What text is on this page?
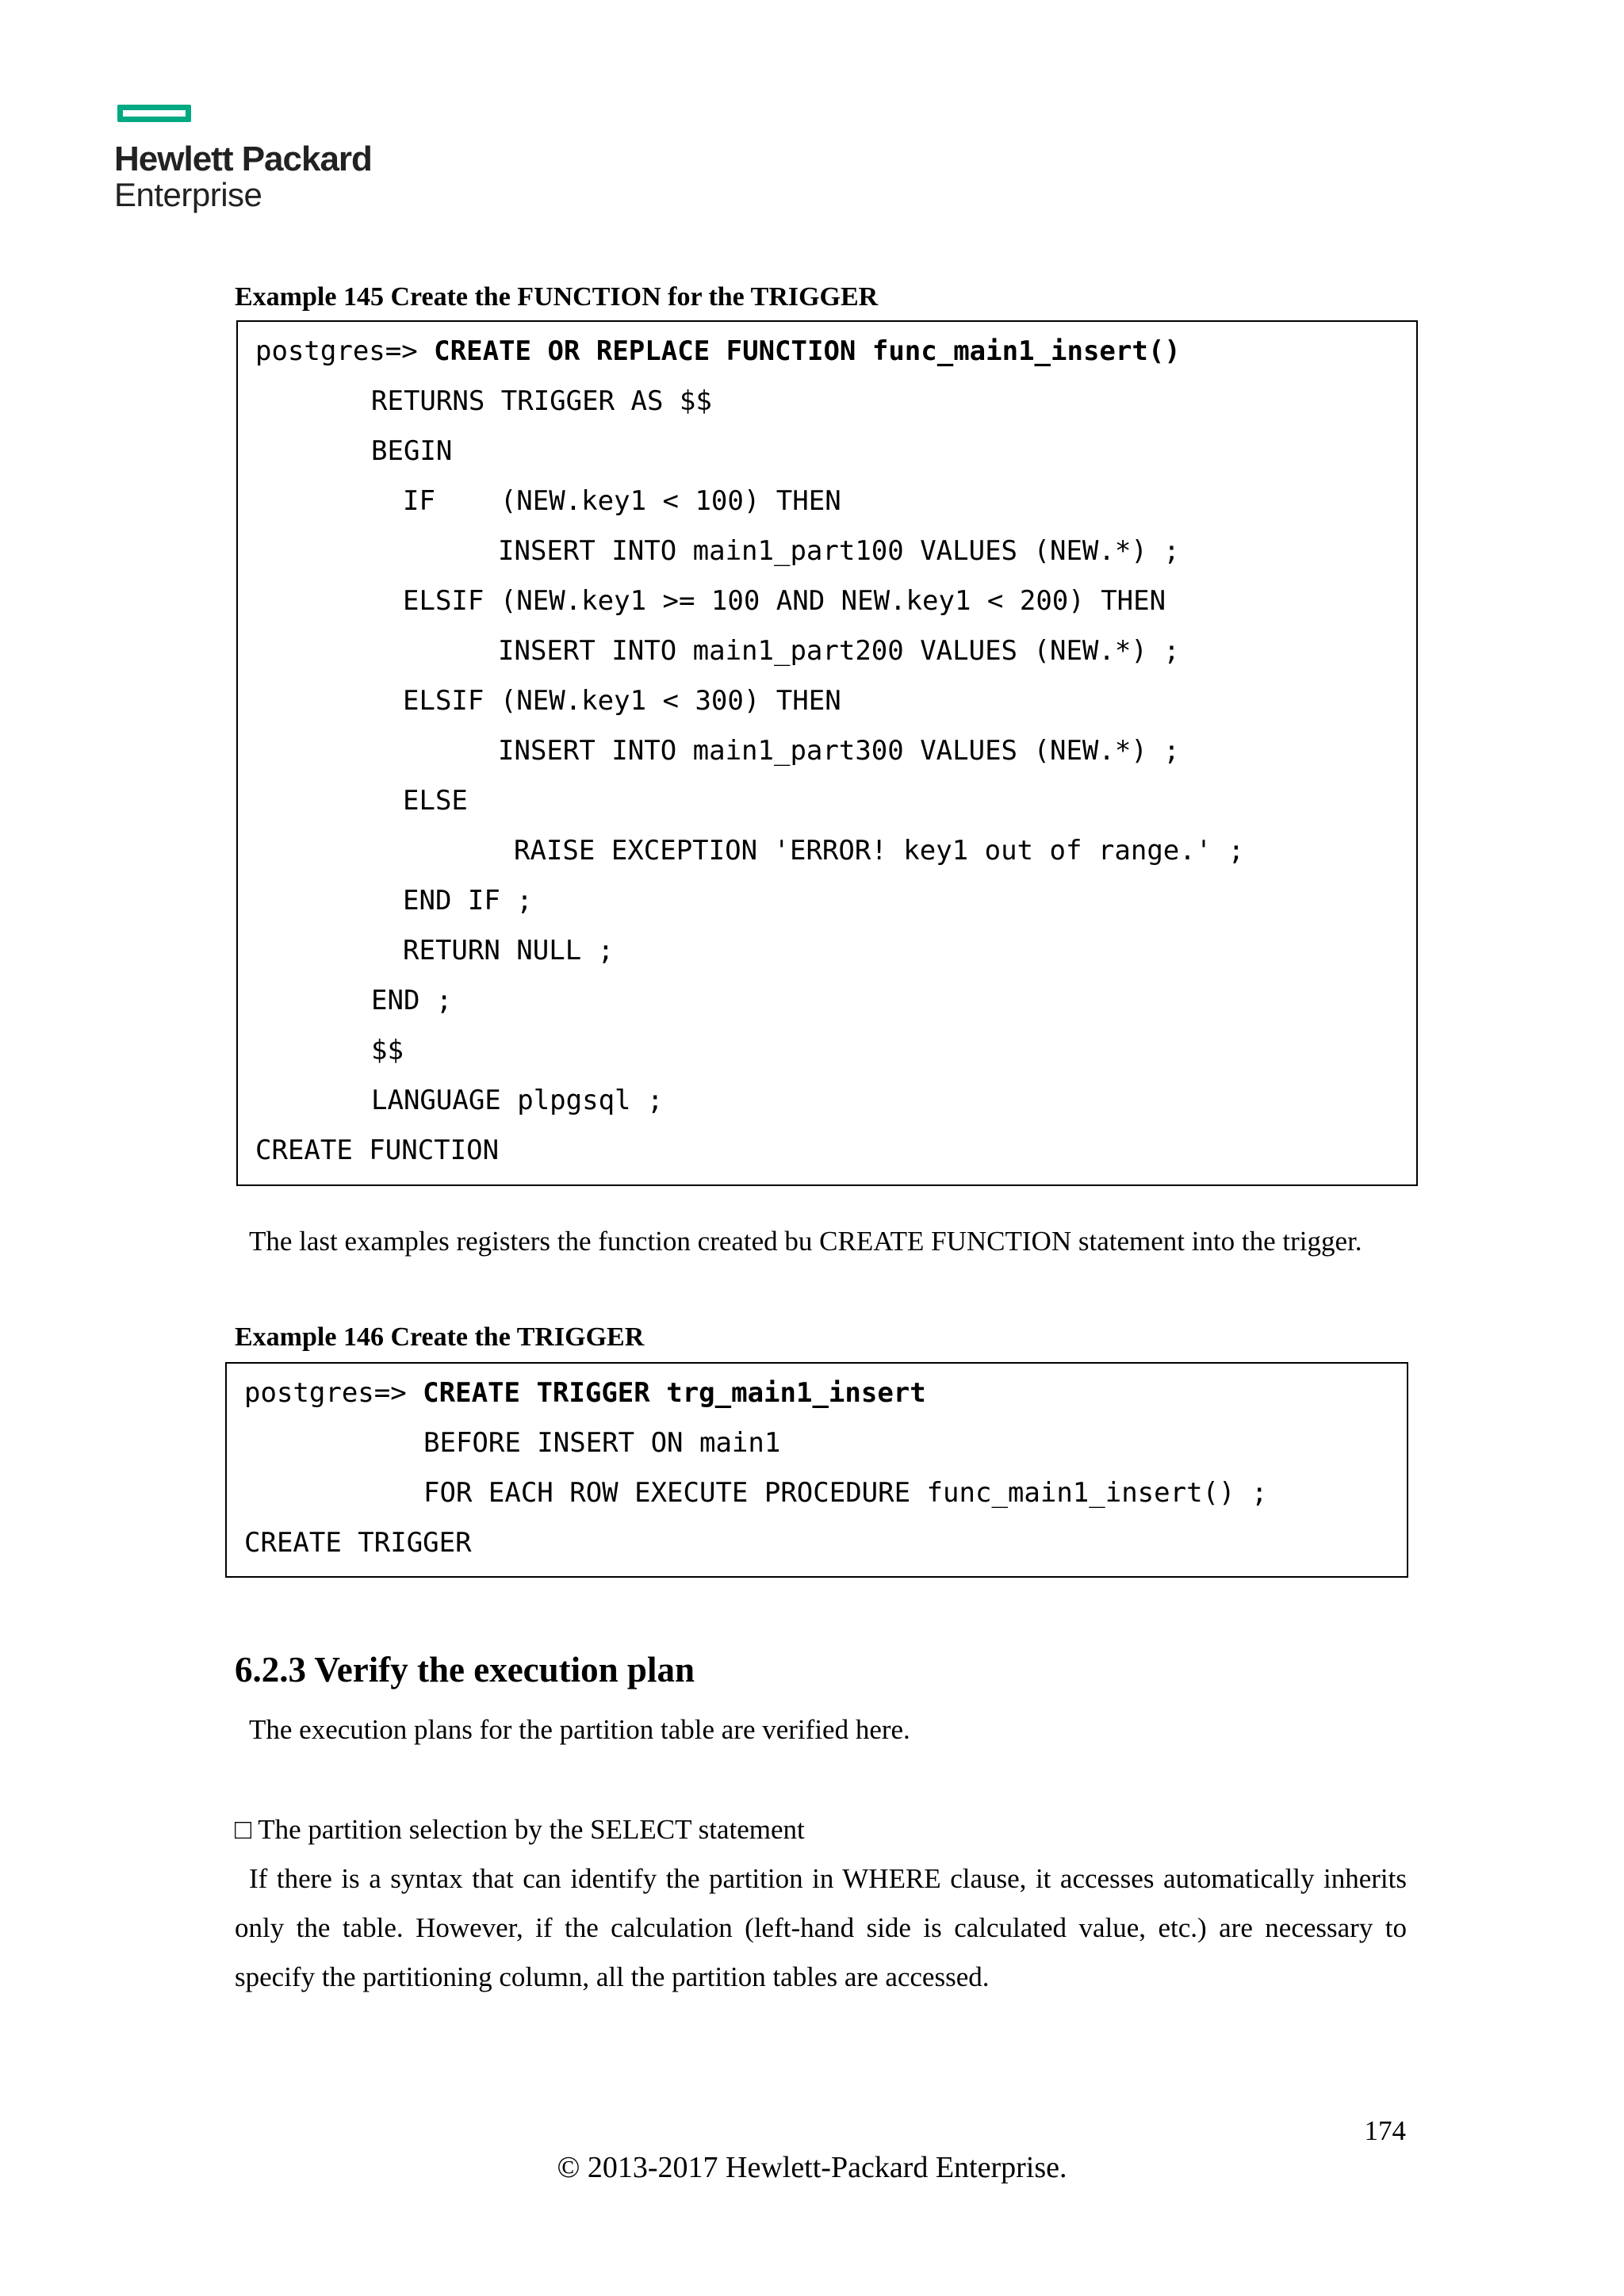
Hewlett Packard
Enterprise
Example 145 Create the FUNCTION for the TRIGGER
postgres=> CREATE OR REPLACE FUNCTION func_main1_insert()
RETURNS TRIGGER AS $$
BEGIN
IF    (NEW.key1 < 100) THEN
INSERT INTO main1_part100 VALUES (NEW.*) ;
ELSIF (NEW.key1 >= 100 AND NEW.key1 < 200) THEN
INSERT INTO main1_part200 VALUES (NEW.*) ;
ELSIF (NEW.key1 < 300) THEN
INSERT INTO main1_part300 VALUES (NEW.*) ;
ELSE
RAISE EXCEPTION 'ERROR! key1 out of range.' ;
END IF ;
RETURN NULL ;
END ;
$$
LANGUAGE plpgsql ;
CREATE FUNCTION
The last examples registers the function created bu CREATE FUNCTION statement into the trigger.
Example 146 Create the TRIGGER
postgres=> CREATE TRIGGER trg_main1_insert
BEFORE INSERT ON main1
FOR EACH ROW EXECUTE PROCEDURE func_main1_insert() ;
CREATE TRIGGER
6.2.3 Verify the execution plan
The execution plans for the partition table are verified here.
□ The partition selection by the SELECT statement
If there is a syntax that can identify the partition in WHERE clause, it accesses automatically inherits
only the table. However, if the calculation (left-hand side is calculated value, etc.) are necessary to
specify the partitioning column, all the partition tables are accessed.
174
© 2013-2017 Hewlett-Packard Enterprise.
